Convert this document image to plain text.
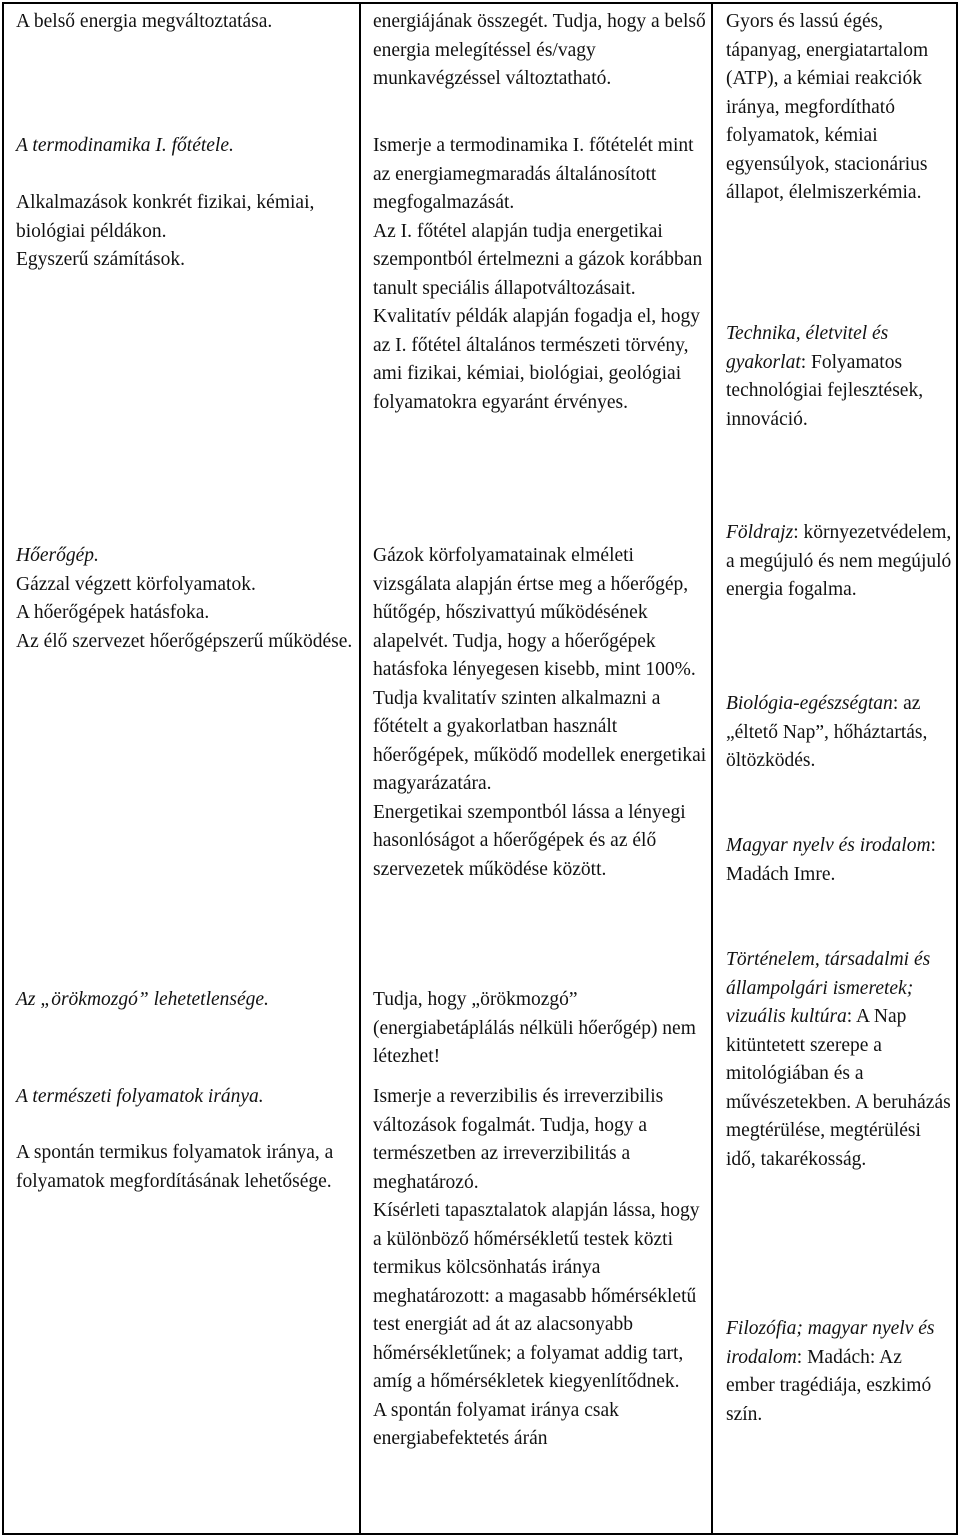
A belső energia megváltoztatása.

A termodinamika I. főtétele.

Alkalmazások konkrét fizikai, kémiai, biológiai példákon.

Egyszerű számítások.

Hőerőgép.

Gázzal végzett körfolyamatok.

A hőerőgépek hatásfoka.

Az élő szervezet hőerőgépszerű működése.

Az „örökmozgó” lehetetlensége.

A természeti folyamatok iránya.

A spontán termikus folyamatok iránya, a folyamatok megfordításának lehetősége.

energiájának összegét. Tudja, hogy a belső energia melegítéssel és/vagy munkavégzéssel változtatható.

Ismerje a termodinamika I. főtételét mint az energiamegmaradás általánosított megfogalmazását.

Az I. főtétel alapján tudja energetikai szempontból értelmezni a gázok korábban tanult speciális állapotváltozásait. Kvalitatív példák alapján fogadja el, hogy az I. főtétel általános természeti törvény, ami fizikai, kémiai, biológiai, geológiai folyamatokra egyaránt érvényes.

Gázok körfolyamatainak elméleti vizsgálata alapján értse meg a hőerőgép, hűtőgép, hőszivattyú működésének alapelvét. Tudja, hogy a hőerőgépek hatásfoka lényegesen kisebb, mint 100%.

Tudja kvalitatív szinten alkalmazni a főtételt a gyakorlatban használt hőerőgépek, működő modellek energetikai magyarázatára.

Energetikai szempontból lássa a lényegi hasonlóságot a hőerőgépek és az élő szervezetek működése között.

Tudja, hogy „örökmozgó” (energiabetáplálás nélküli hőerőgép) nem létezhet!

Ismerje a reverzibilis és irreverzibilis változások fogalmát. Tudja, hogy a természetben az irreverzibilitás a meghatározó.

Kísérleti tapasztalatok alapján lássa, hogy a különböző hőmérsékletű testek közti termikus kölcsönhatás iránya meghatározott: a magasabb hőmérsékletű test energiát ad át az alacsonyabb hőmérsékletűnek; a folyamat addig tart, amíg a hőmérsékletek kiegyenlítődnek.

A spontán folyamat iránya csak energiabefektetés árán

Gyors és lassú égés, tápanyag, energiatartalom (ATP), a kémiai reakciók iránya, megfordítható folyamatok, kémiai egyensúlyok, stacionárius állapot, élelmiszerkémia.

Technika, életvitel és gyakorlat: Folyamatos technológiai fejlesztések, innováció.

Földrajz: környezetvédelem, a megújuló és nem megújuló energia fogalma.

Biológia-egészségtan: az „éltető Nap”, hőháztartás, öltözködés.

Magyar nyelv és irodalom: Madách Imre.

Történelem, társadalmi és állampolgári ismeretek; vizuális kultúra: A Nap kitüntetett szerepe a mitológiában és a művészetekben. A beruházás megtérülése, megtérülési idő, takarékosság.

Filozófia; magyar nyelv és irodalom: Madách: Az ember tragédiája, eszkimó szín.
